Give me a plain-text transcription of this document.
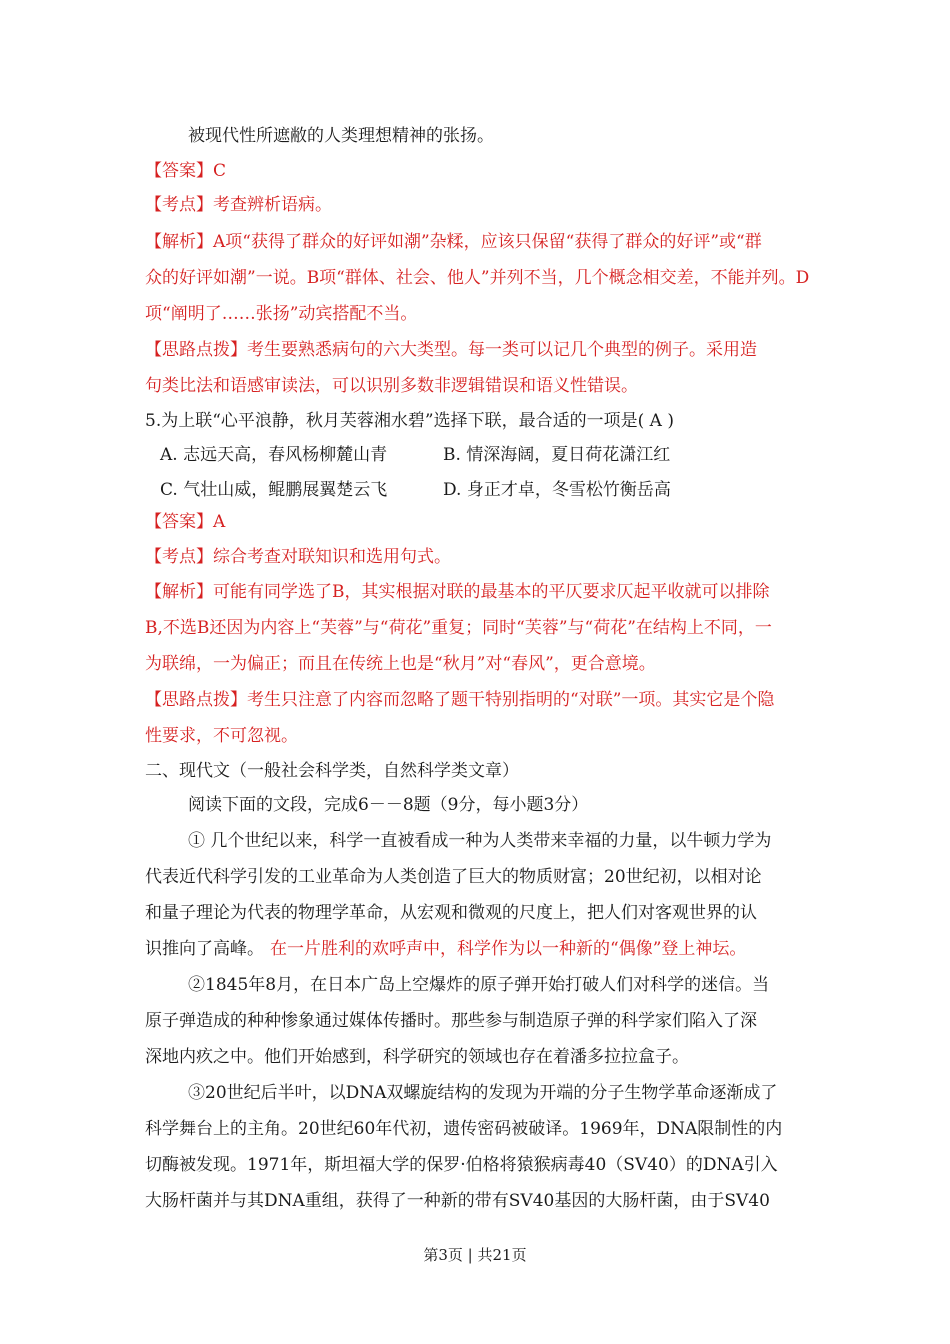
被现代性所遮敝的人类理想精神的张扬。
【答案】C
【考点】考查辨析语病。
【解析】A项“获得了群众的好评如潮”杂糅，应该只保留“获得了群众的好评”或“群
众的好评如潮”一说。B项“群体、社会、他人”并列不当，几个概念相交差，不能并列。D
项“阐明了……张扬”动宾搭配不当。
【思路点拨】考生要熟悉病句的六大类型。每一类可以记几个典型的例子。采用造
句类比法和语感审读法，可以识别多数非逻辑错误和语义性错误。
5.为上联“心平浪静，秋月芙蓉湘水碧”选择下联，最合适的一项是( A )
A. 志远天高，春风杨柳麓山青	B. 情深海阔，夏日荷花潇江红
C. 气壮山威，鲲鹏展翼楚云飞	D. 身正才卓，冬雪松竹衡岳高
【答案】A
【考点】综合考查对联知识和选用句式。
【解析】可能有同学选了B，其实根据对联的最基本的平仄要求仄起平收就可以排除
B,不选B还因为内容上“芙蓉”与“荷花”重复；同时“芙蓉”与“荷花”在结构上不同，一
为联绵，一为偏正；而且在传统上也是“秋月”对“春风”，更合意境。
【思路点拨】考生只注意了内容而忽略了题干特别指明的“对联”一项。其实它是个隐
性要求，不可忽视。
二、现代文（一般社会科学类，自然科学类文章）
阅读下面的文段，完成6－－8题（9分，每小题3分）
① 几个世纪以来，科学一直被看成一种为人类带来幸福的力量，以牛顿力学为
代表近代科学引发的工业革命为人类创造了巨大的物质财富；20世纪初，以相对论
和量子理论为代表的物理学革命，从宏观和微观的尺度上，把人们对客观世界的认
识推向了高峰。 在一片胜利的欢呼声中，科学作为以一种新的“偶像”登上神坛。
②1845年8月，在日本广岛上空爆炸的原子弹开始打破人们对科学的迷信。当
原子弹造成的种种惨象通过媒体传播时。那些参与制造原子弹的科学家们陷入了深
深地内疚之中。他们开始感到，科学研究的领域也存在着潘多拉拉盒子。
③20世纪后半叶，以DNA双螺旋结构的发现为开端的分子生物学革命逐渐成了
科学舞台上的主角。20世纪60年代初，遗传密码被破译。1969年，DNA限制性的内
切酶被发现。1971年，斯坦福大学的保罗·伯格将猿猴病毒40（SV40）的DNA引入
大肠杆菌并与其DNA重组，获得了一种新的带有SV40基因的大肠杆菌，由于SV40
第3页 | 共21页
